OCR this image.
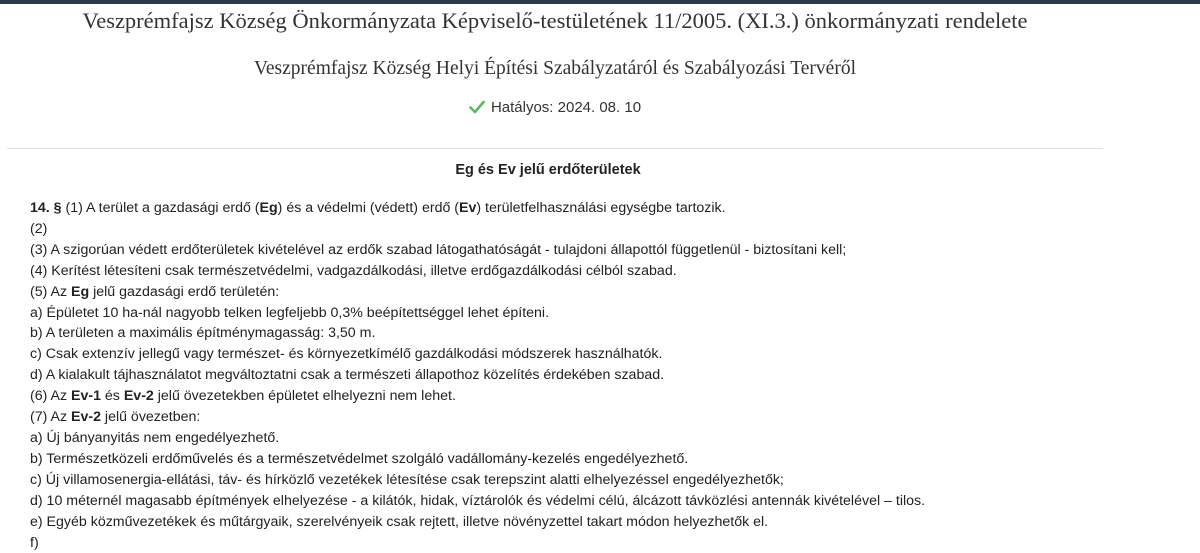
Veszprémfajsz Község Önkormányzata Képviselő-testületének 11/2005. (XI.3.) önkormányzati rendelete
Veszprémfajsz Község Helyi Építési Szabályzatáról és Szabályozási Tervéről
Hatályos: 2024. 08. 10
Eg és Ev jelű erdőterületek
14. § (1) A terület a gazdasági erdő (Eg) és a védelmi (védett) erdő (Ev) területfelhasználási egységbe tartozik.
(2)
(3) A szigorúan védett erdőterületek kivételével az erdők szabad látogathatóságát - tulajdoni állapottól függetlenül - biztosítani kell;
(4) Kerítést létesíteni csak természetvédelmi, vadgazdálkodási, illetve erdőgazdálkodási célból szabad.
(5) Az Eg jelű gazdasági erdő területén:
a) Épületet 10 ha-nál nagyobb telken legfeljebb 0,3% beépítettséggel lehet építeni.
b) A területen a maximális építménymagasság: 3,50 m.
c) Csak extenzív jellegű vagy természet- és környezetkímélő gazdálkodási módszerek használhatók.
d) A kialakult tájhasználatot megváltoztatni csak a természeti állapothoz közelítés érdekében szabad.
(6) Az Ev-1 és Ev-2 jelű övezetekben épületet elhelyezni nem lehet.
(7) Az Ev-2 jelű övezetben:
a) Új bányanyitás nem engedélyezhető.
b) Természetközeli erdőművelés és a természetvédelmet szolgáló vadállomány-kezelés engedélyezhető.
c) Új villamosenergia-ellátási, táv- és hírközlő vezetékek létesítése csak terepszint alatti elhelyezéssel engedélyezhetők;
d) 10 méternél magasabb építmények elhelyezése - a kilátók, hidak, víztárolók és védelmi célú, álcázott távközlési antennák kivételével – tilos.
e) Egyéb közművezetékek és műtárgyaik, szerelvényeik csak rejtett, illetve növényzettel takart módon helyezhetők el.
f)
